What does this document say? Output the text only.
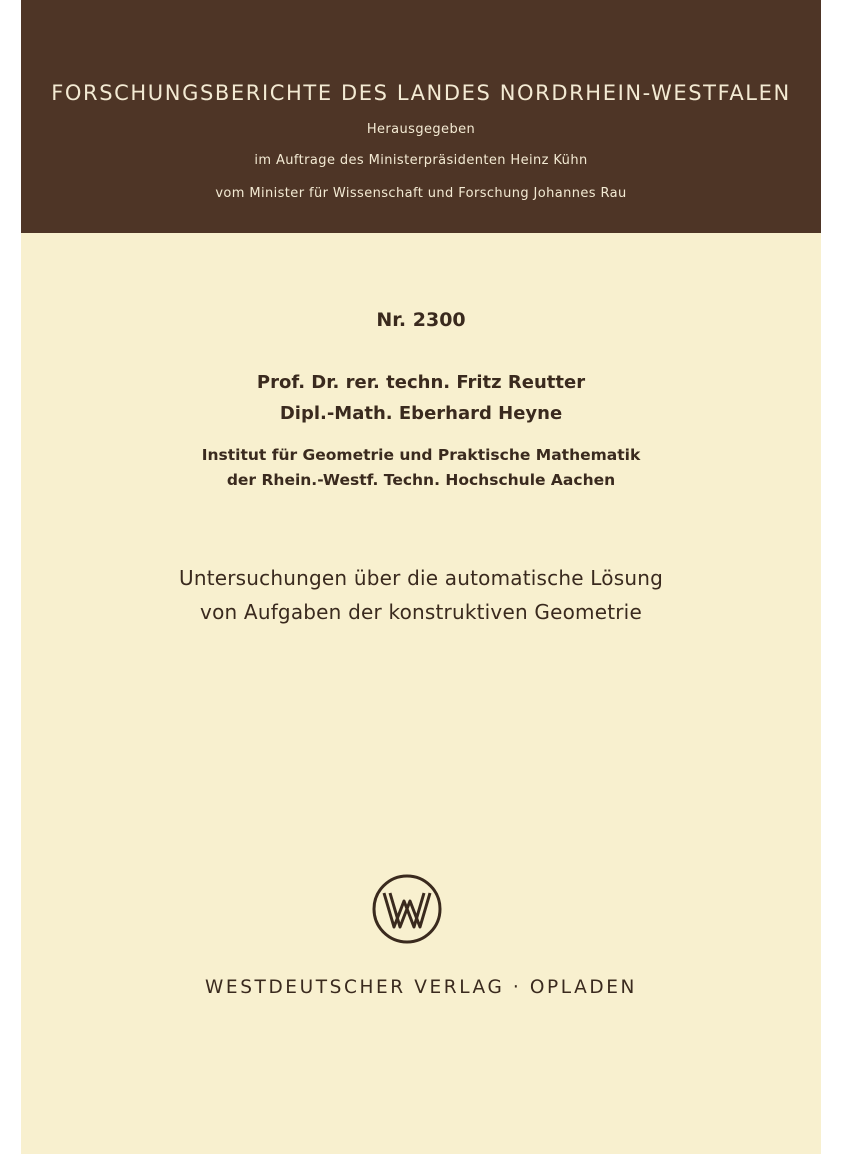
FORSCHUNGSBERICHTE DES LANDES NORDRHEIN-WESTFALEN
Herausgegeben
im Auftrage des Ministerpräsidenten Heinz Kühn
vom Minister für Wissenschaft und Forschung Johannes Rau
Nr. 2300
Prof. Dr. rer. techn. Fritz Reutter
Dipl.-Math. Eberhard Heyne
Institut für Geometrie und Praktische Mathematik
der Rhein.-Westf. Techn. Hochschule Aachen
Untersuchungen über die automatische Lösung
von Aufgaben der konstruktiven Geometrie
WESTDEUTSCHER VERLAG · OPLADEN
